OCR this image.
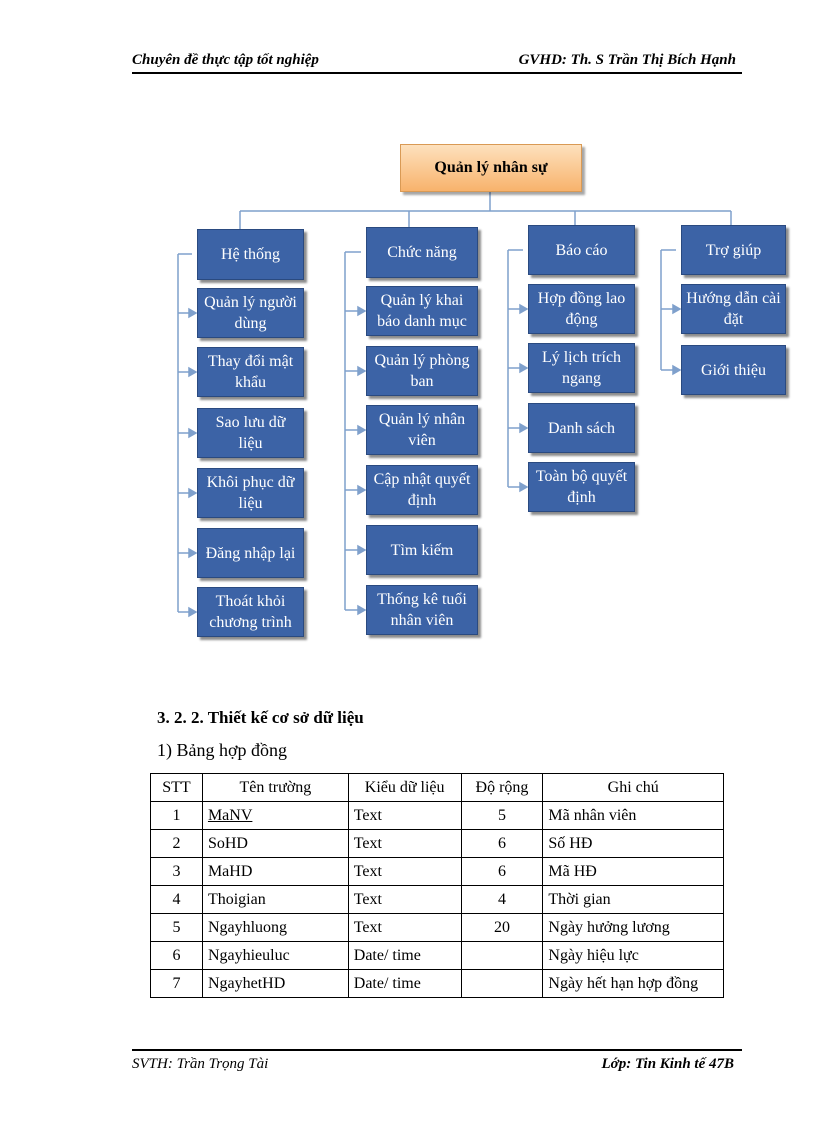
Chuyên đề thực tập tốt nghiệp	GVHD: Th. S Trần Thị Bích Hạnh
Quản lý nhân sự
Hệ thống
Quản lý người dùng
Thay đổi mật khẩu
Sao lưu dữ liệu
Khôi phục dữ liệu
Đăng nhập lại
Thoát khỏi chương trình
Chức năng
Quản lý khai báo danh mục
Quản lý phòng ban
Quản lý nhân viên
Cập nhật quyết định
Tìm kiếm
Thống kê tuổi nhân viên
Báo cáo
Hợp đồng lao động
Lý lịch trích ngang
Danh sách
Toàn bộ quyết định
Trợ giúp
Hướng dẫn cài đặt
Giới thiệu
3. 2. 2. Thiết kế cơ sở dữ liệu
1) Bảng hợp đồng
STT	Tên trường	Kiểu dữ liệu	Độ rộng	Ghi chú
1	MaNV	Text	5	Mã nhân viên
2	SoHD	Text	6	Số HĐ
3	MaHD	Text	6	Mã HĐ
4	Thoigian	Text	4	Thời gian
5	Ngayhluong	Text	20	Ngày hưởng lương
6	Ngayhieuluc	Date/ time		Ngày hiệu lực
7	NgayhetHD	Date/ time		Ngày hết hạn hợp đồng
SVTH: Trần Trọng Tài	Lớp: Tin Kinh tế 47B
